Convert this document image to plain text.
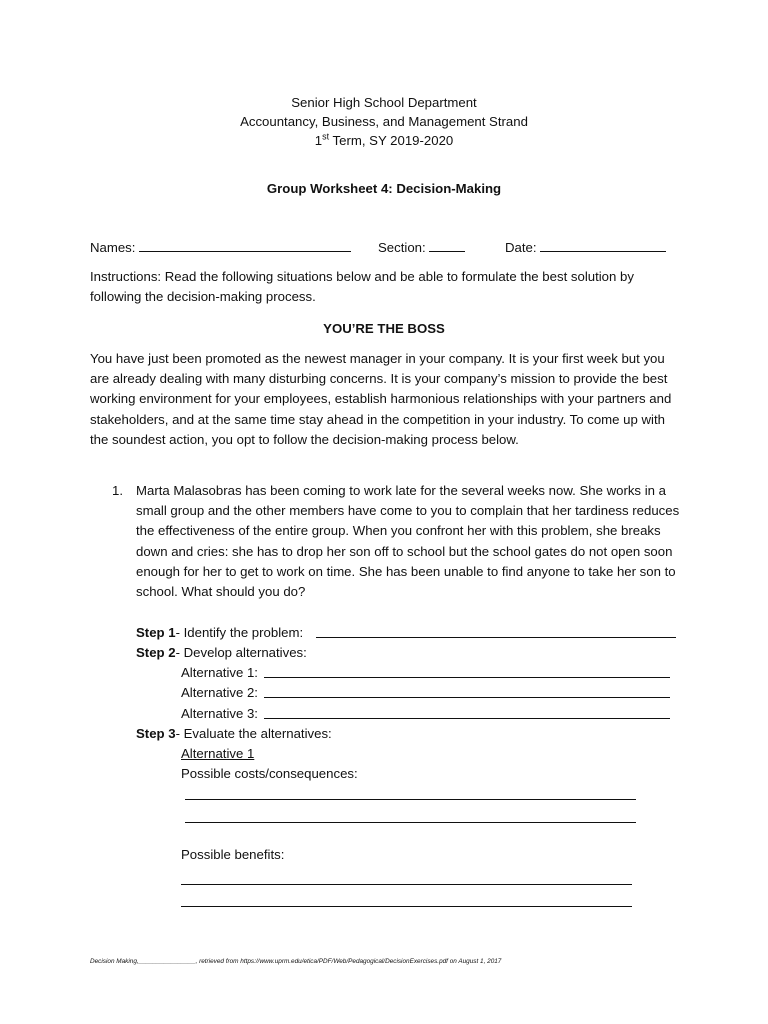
Senior High School Department
Accountancy, Business, and Management Strand
1st Term, SY 2019-2020
Group Worksheet 4: Decision-Making
Names:	Section:	Date:
Instructions: Read the following situations below and be able to formulate the best solution by following the decision-making process.
YOU’RE THE BOSS
You have just been promoted as the newest manager in your company. It is your first week but you are already dealing with many disturbing concerns. It is your company’s mission to provide the best working environment for your employees, establish harmonious relationships with your partners and stakeholders, and at the same time stay ahead in the competition in your industry. To come up with the soundest action, you opt to follow the decision-making process below.
1. Marta Malasobras has been coming to work late for the several weeks now. She works in a small group and the other members have come to you to complain that her tardiness reduces the effectiveness of the entire group. When you confront her with this problem, she breaks down and cries: she has to drop her son off to school but the school gates do not open soon enough for her to get to work on time. She has been unable to find anyone to take her son to school. What should you do?
Step 1- Identify the problem:
Step 2- Develop alternatives:
Alternative 1:
Alternative 2:
Alternative 3:
Step 3- Evaluate the alternatives:
Alternative 1
Possible costs/consequences:
Possible benefits:
Decision Making,________________, retrieved from https://www.uprm.edu/etica/PDF/Web/Pedagogical/DecisionExercises.pdf on August 1, 2017
